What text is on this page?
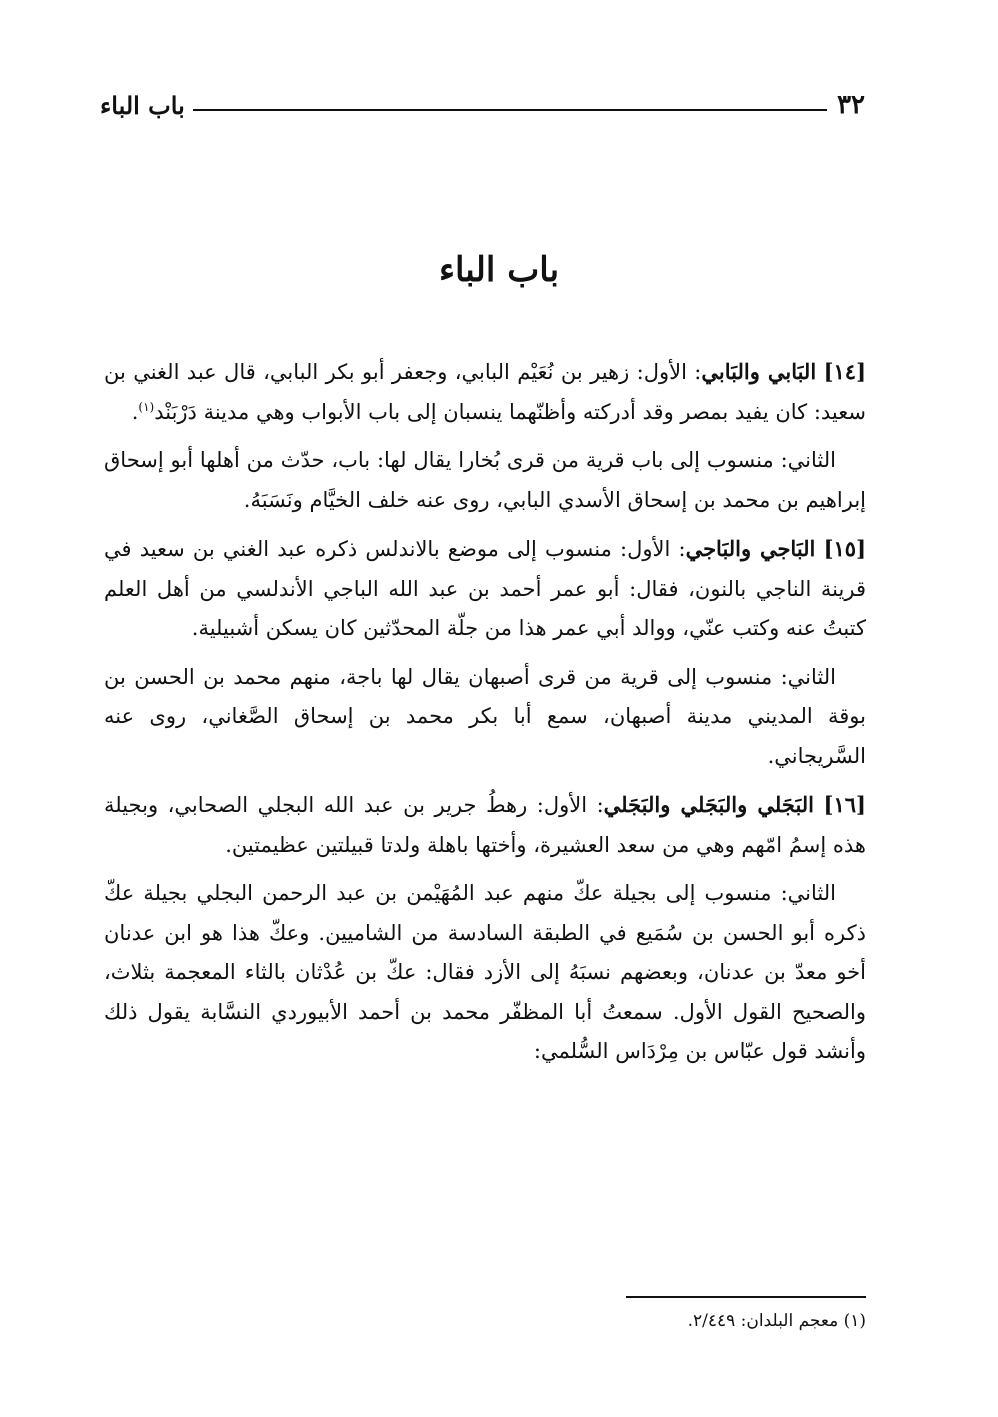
٣٢
باب الباء
باب الباء

[١٤] البَابي والبَابي: الأول: زهير بن نُعَيْم البابي، وجعفر أبو بكر البابي، قال عبد الغني بن سعيد: كان يفيد بمصر وقد أدركته وأظنّهما ينسبان إلى باب الأبواب وهي مدينة دَرْبَنْد$^{(١)}$.

الثاني: منسوب إلى باب قرية من قرى بُخارا يقال لها: باب، حدّث من أهلها أبو إسحاق إبراهيم بن محمد بن إسحاق الأسدي البابي، روى عنه خلف الخيَّام ونَسَبَهُ.

[١٥] البَاجي والبَاجي: الأول: منسوب إلى موضع بالاندلس ذكره عبد الغني بن سعيد في قرينة الناجي بالنون، فقال: أبو عمر أحمد بن عبد الله الباجي الأندلسي من أهل العلم كتبتُ عنه وكتب عنّي، ووالد أبي عمر هذا من جلّة المحدّثين كان يسكن أشبيلية.

الثاني: منسوب إلى قرية من قرى أصبهان يقال لها باجة، منهم محمد بن الحسن بن بوقة المديني مدينة أصبهان، سمع أبا بكر محمد بن إسحاق الصَّغاني، روى عنه السَّريجاني.

[١٦] البَجَلي والبَجَلي والبَجَلي: الأول: رهطُ جرير بن عبد الله البجلي الصحابي، وبجيلة هذه إسمُ امّهم وهي من سعد العشيرة، وأختها باهلة ولدتا قبيلتين عظيمتين.

الثاني: منسوب إلى بجيلة عكّ منهم عبد المُهَيْمن بن عبد الرحمن البجلي بجيلة عكّ ذكره أبو الحسن بن سُمَيع في الطبقة السادسة من الشاميين. وعكّ هذا هو ابن عدنان أخو معدّ بن عدنان، وبعضهم نسبَهُ إلى الأزد فقال: عكّ بن عُدْثان بالثاء المعجمة بثلاث، والصحيح القول الأول. سمعتُ أبا المظفّر محمد بن أحمد الأبيوردي النسَّابة يقول ذلك وأنشد قول عبّاس بن مِرْدَاس السُّلمي:

(١) معجم البلدان: ٢/٤٤٩.
